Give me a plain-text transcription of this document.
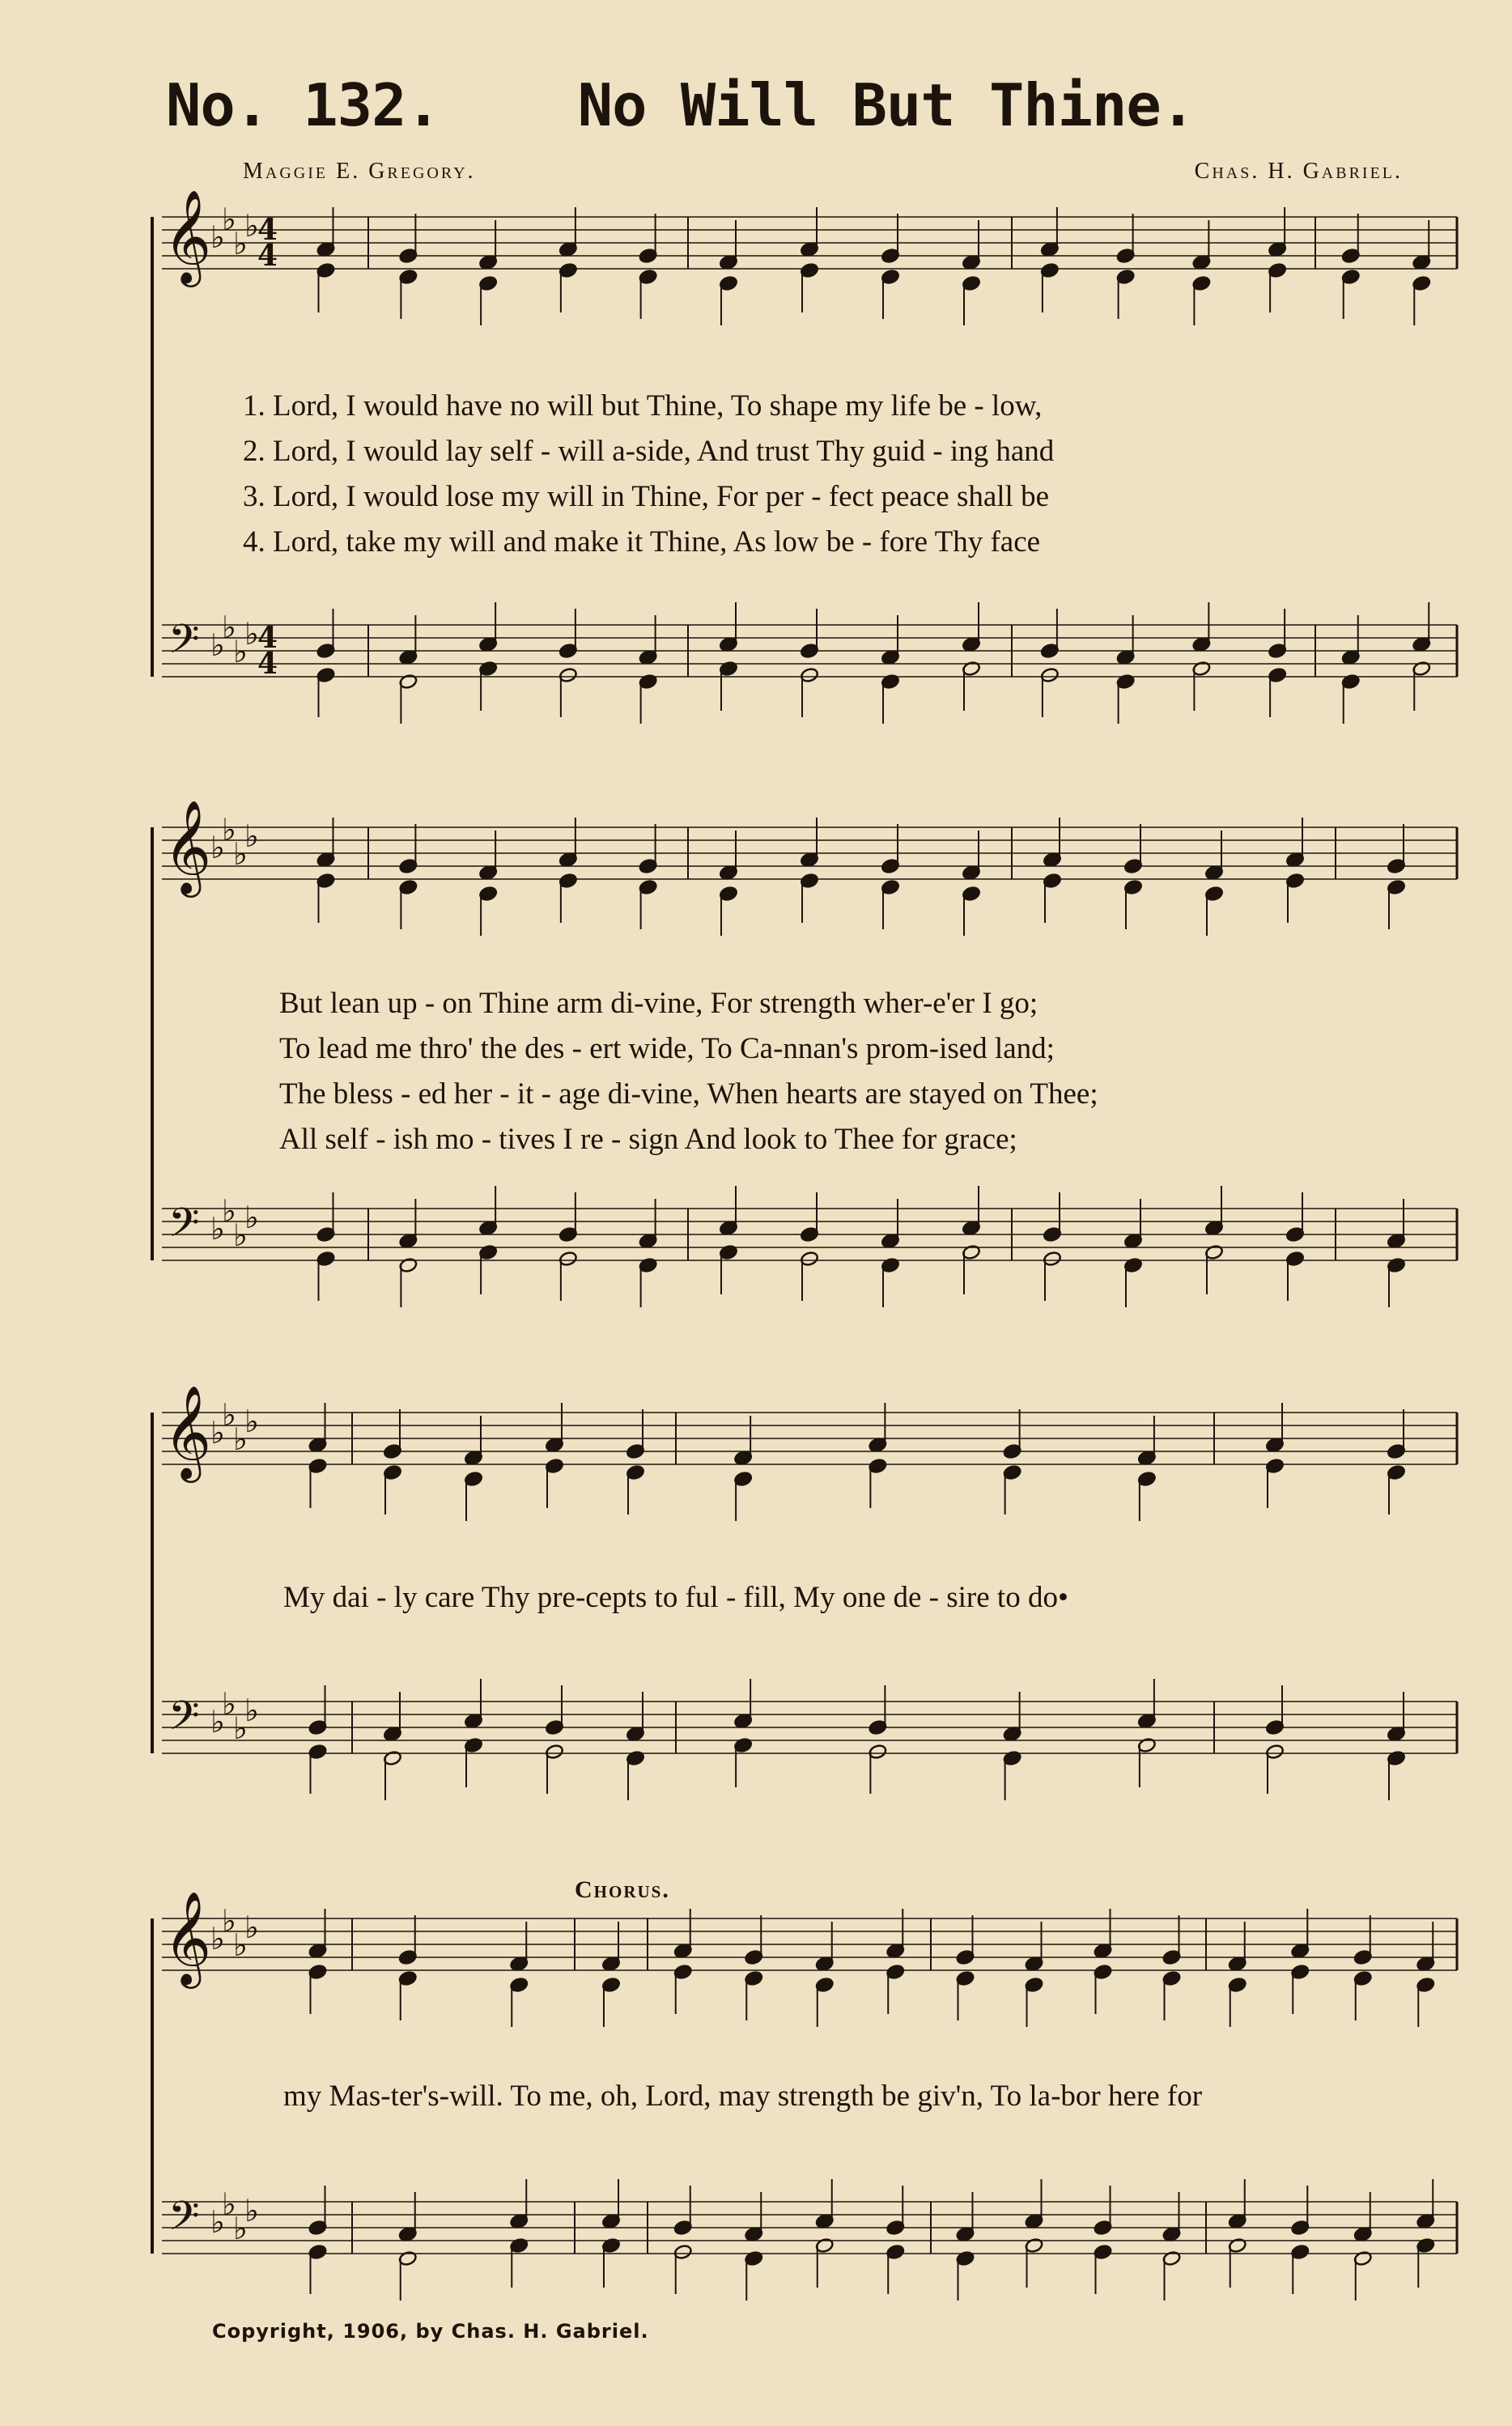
No. 132. No Will But Thine.
Maggie E. Gregory.	Chas. H. Gabriel.
𝄞
𝄢
♭
♭
♭
♭
♭
♭
♭
♭
4
4
4
4
𝄞
𝄢
♭
♭
♭
♭
♭
♭
♭
♭
𝄞
𝄢
♭
♭
♭
♭
♭
♭
♭
♭
𝄞
𝄢
♭
♭
♭
♭
♭
♭
♭
♭
1. Lord, I would have no will but Thine, To shape my life be - low,
2. Lord, I would lay self - will a-side, And trust Thy guid - ing hand
3. Lord, I would lose my will in Thine, For per - fect peace shall be
4. Lord, take my will and make it Thine, As low be - fore Thy face
But lean up - on Thine arm di-vine, For strength wher-e'er I go;
To lead me thro' the des - ert wide, To Ca-nnan's prom-ised land;
The bless - ed her - it - age di-vine, When hearts are stayed on Thee;
All self - ish mo - tives I re - sign And look to Thee for grace;
My dai - ly care Thy pre-cepts to ful - fill, My one de - sire to do•
my Mas-ter's-will. To me, oh, Lord, may strength be giv'n, To la-bor here for
Chorus.
Copyright, 1906, by Chas. H. Gabriel.
